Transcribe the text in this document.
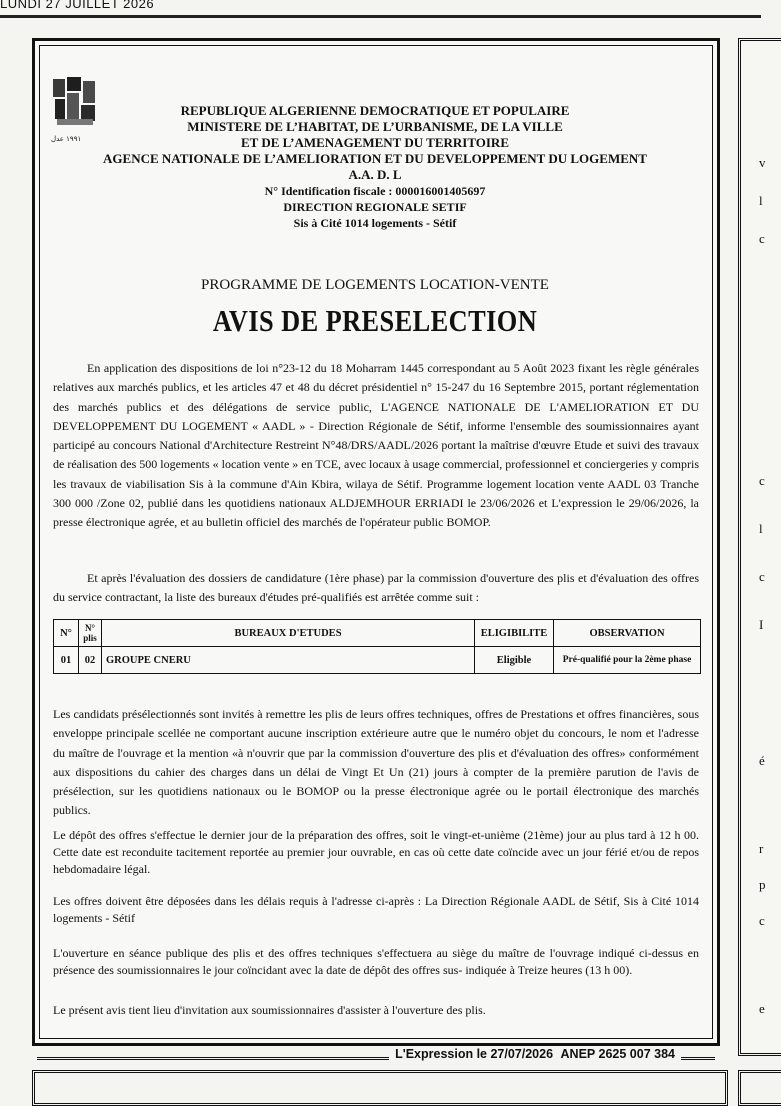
LUNDI 27 JUILLET 2026
v
l
c
c
l
c
I
é
r
p
c
e
١٩٩١ عدل
REPUBLIQUE ALGERIENNE DEMOCRATIQUE ET POPULAIRE
MINISTERE DE L’HABITAT, DE L’URBANISME, DE LA VILLE
ET DE L’AMENAGEMENT DU TERRITOIRE
AGENCE NATIONALE DE L’AMELIORATION ET DU DEVELOPPEMENT DU LOGEMENT
A.A. D. L
N° Identification fiscale : 000016001405697
DIRECTION REGIONALE SETIF
Sis à Cité 1014 logements - Sétif
PROGRAMME DE LOGEMENTS LOCATION-VENTE
AVIS DE PRESELECTION
En application des dispositions de loi n°23-12 du 18 Moharram 1445 correspondant au 5 Août 2023 fixant les règle générales relatives aux marchés publics, et les articles 47 et 48 du décret présidentiel n° 15-247 du 16 Septembre 2015, portant réglementation des marchés publics et des délégations de service public, L'AGENCE NATIONALE DE L'AMELIORATION ET DU DEVELOPPEMENT DU LOGEMENT « AADL » - Direction Régionale de Sétif, informe l'ensemble des soumissionnaires ayant participé au concours National d'Architecture Restreint N°48/DRS/AADL/2026 portant la maîtrise d'œuvre Etude et suivi des travaux de réalisation des 500 logements « location vente » en TCE, avec locaux à usage commercial, professionnel et conciergeries y compris les travaux de viabilisation Sis à la commune d'Ain Kbira, wilaya de Sétif. Programme logement location vente AADL 03 Tranche 300 000 /Zone 02, publié dans les quotidiens nationaux ALDJEMHOUR ERRIADI le 23/06/2026 et L'expression le 29/06/2026, la presse électronique agrée, et au bulletin officiel des marchés de l'opérateur public BOMOP.
Et après l'évaluation des dossiers de candidature (1ère phase) par la commission d'ouverture des plis et d'évaluation des offres du service contractant, la liste des bureaux d'études pré-qualifiés est arrêtée comme suit :
N°	N° plis	BUREAUX D'ETUDES	ELIGIBILITE	OBSERVATION
01	02	GROUPE CNERU	Eligible	Pré-qualifié pour la 2ème phase
Les candidats présélectionnés sont invités à remettre les plis de leurs offres techniques, offres de Prestations et offres financières, sous enveloppe principale scellée ne comportant aucune inscription extérieure autre que le numéro objet du concours, le nom et l'adresse du maître de l'ouvrage et la mention «à n'ouvrir que par la commission d'ouverture des plis et d'évaluation des offres» conformément aux dispositions du cahier des charges dans un délai de Vingt Et Un (21) jours à compter de la première parution de l'avis de présélection, sur les quotidiens nationaux ou le BOMOP ou la presse électronique agrée ou le portail électronique des marchés publics.
Le dépôt des offres s'effectue le dernier jour de la préparation des offres, soit le vingt-et-unième (21ème) jour au plus tard à 12 h 00. Cette date est reconduite tacitement reportée au premier jour ouvrable, en cas où cette date coïncide avec un jour férié et/ou de repos hebdomadaire légal.
Les offres doivent être déposées dans les délais requis à l'adresse ci-après : La Direction Régionale AADL de Sétif, Sis à Cité 1014 logements - Sétif
L'ouverture en séance publique des plis et des offres techniques s'effectuera au siège du maître de l'ouvrage indiqué ci-dessus en présence des soumissionnaires le jour coïncidant avec la date de dépôt des offres sus- indiquée à Treize heures (13 h 00).
Le présent avis tient lieu d'invitation aux soumissionnaires d'assister à l'ouverture des plis.
L'Expression le 27/07/2026 ANEP 2625 007 384
